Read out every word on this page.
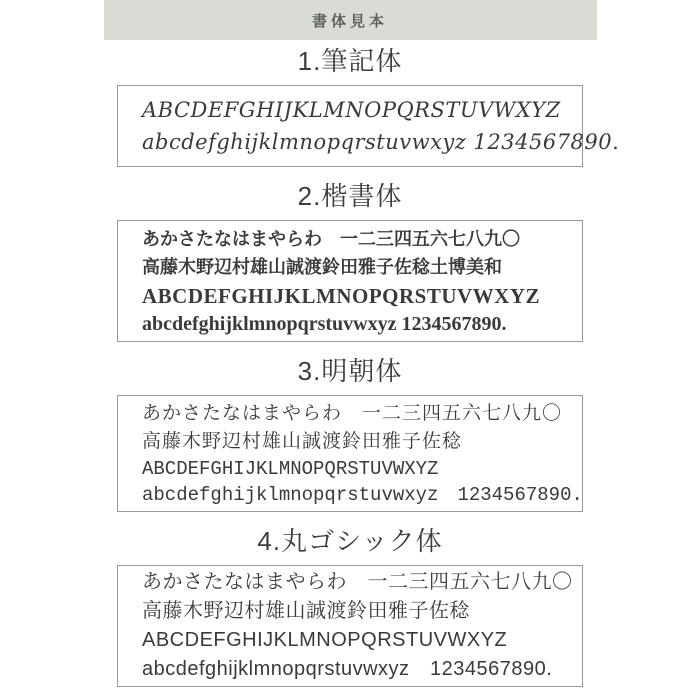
書体見本
1.筆記体
ABCDEFGHIJKLMNOPQRSTUVWXYZ
abcdefghijklmnopqrstuvwxyz 1234567890.
2.楷書体
あかさたなはまやらわ　一二三四五六七八九〇
高藤木野辺村雄山誠渡鈴田雅子佐稔土博美和
ABCDEFGHIJKLMNOPQRSTUVWXYZ
abcdefghijklmnopqrstuvwxyz 1234567890.
3.明朝体
あかさたなはまやらわ　一二三四五六七八九〇
高藤木野辺村雄山誠渡鈴田雅子佐稔
ABCDEFGHIJKLMNOPQRSTUVWXYZ
abcdefghijklmnopqrstuvwxyz　1234567890.
4.丸ゴシック体
あかさたなはまやらわ　一二三四五六七八九〇
高藤木野辺村雄山誠渡鈴田雅子佐稔
ABCDEFGHIJKLMNOPQRSTUVWXYZ
abcdefghijklmnopqrstuvwxyz　1234567890.
